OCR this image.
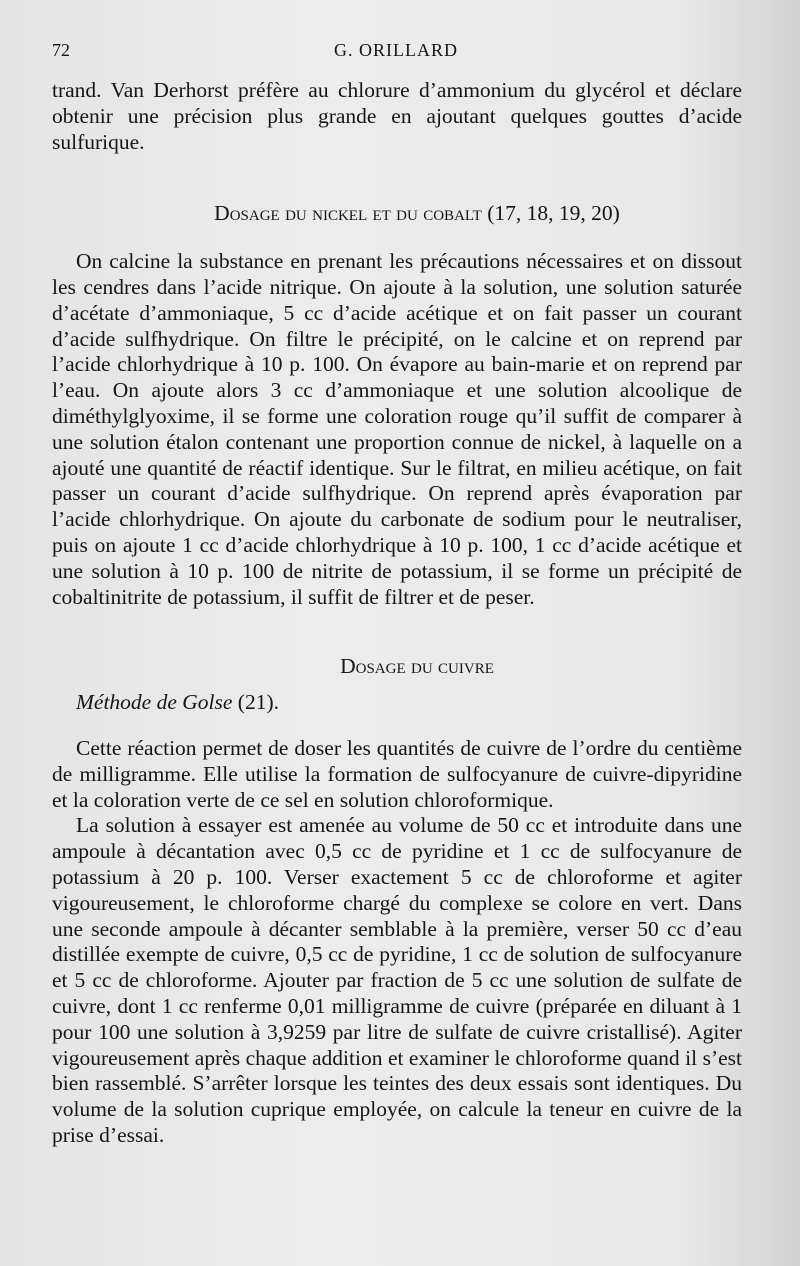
72	G. ORILLARD

trand. Van Derhorst préfère au chlorure d’ammonium du glycérol et déclare obtenir une précision plus grande en ajoutant quelques gouttes d’acide sulfurique.

Dosage du nickel et du cobalt (17, 18, 19, 20)

On calcine la substance en prenant les précautions nécessaires et on dissout les cendres dans l’acide nitrique. On ajoute à la solution, une solution saturée d’acétate d’ammoniaque, 5 cc d’acide acétique et on fait passer un courant d’acide sulfhydrique. On filtre le précipité, on le calcine et on reprend par l’acide chlorhydrique à 10 p. 100. On évapore au bain-marie et on reprend par l’eau. On ajoute alors 3 cc d’ammoniaque et une solution alcoolique de diméthylglyoxime, il se forme une coloration rouge qu’il suffit de comparer à une solution étalon contenant une proportion connue de nickel, à laquelle on a ajouté une quantité de réactif identique. Sur le filtrat, en milieu acétique, on fait passer un courant d’acide sulfhydrique. On reprend après évaporation par l’acide chlorhydrique. On ajoute du carbonate de sodium pour le neutraliser, puis on ajoute 1 cc d’acide chlorhydrique à 10 p. 100, 1 cc d’acide acétique et une solution à 10 p. 100 de nitrite de potassium, il se forme un précipité de cobaltinitrite de potassium, il suffit de filtrer et de peser.

Dosage du cuivre
Méthode de Golse (21).

Cette réaction permet de doser les quantités de cuivre de l’ordre du centième de milligramme. Elle utilise la formation de sulfocyanure de cuivre-dipyridine et la coloration verte de ce sel en solution chloroformique.

La solution à essayer est amenée au volume de 50 cc et introduite dans une ampoule à décantation avec 0,5 cc de pyridine et 1 cc de sulfocyanure de potassium à 20 p. 100. Verser exactement 5 cc de chloroforme et agiter vigoureusement, le chloroforme chargé du complexe se colore en vert. Dans une seconde ampoule à décanter semblable à la première, verser 50 cc d’eau distillée exempte de cuivre, 0,5 cc de pyridine, 1 cc de solution de sulfocyanure et 5 cc de chloroforme. Ajouter par fraction de 5 cc une solution de sulfate de cuivre, dont 1 cc renferme 0,01 milligramme de cuivre (préparée en diluant à 1 pour 100 une solution à 3,9259 par litre de sulfate de cuivre cristallisé). Agiter vigoureusement après chaque addition et examiner le chloroforme quand il s’est bien rassemblé. S’arrêter lorsque les teintes des deux essais sont identiques. Du volume de la solution cuprique employée, on calcule la teneur en cuivre de la prise d’essai.
